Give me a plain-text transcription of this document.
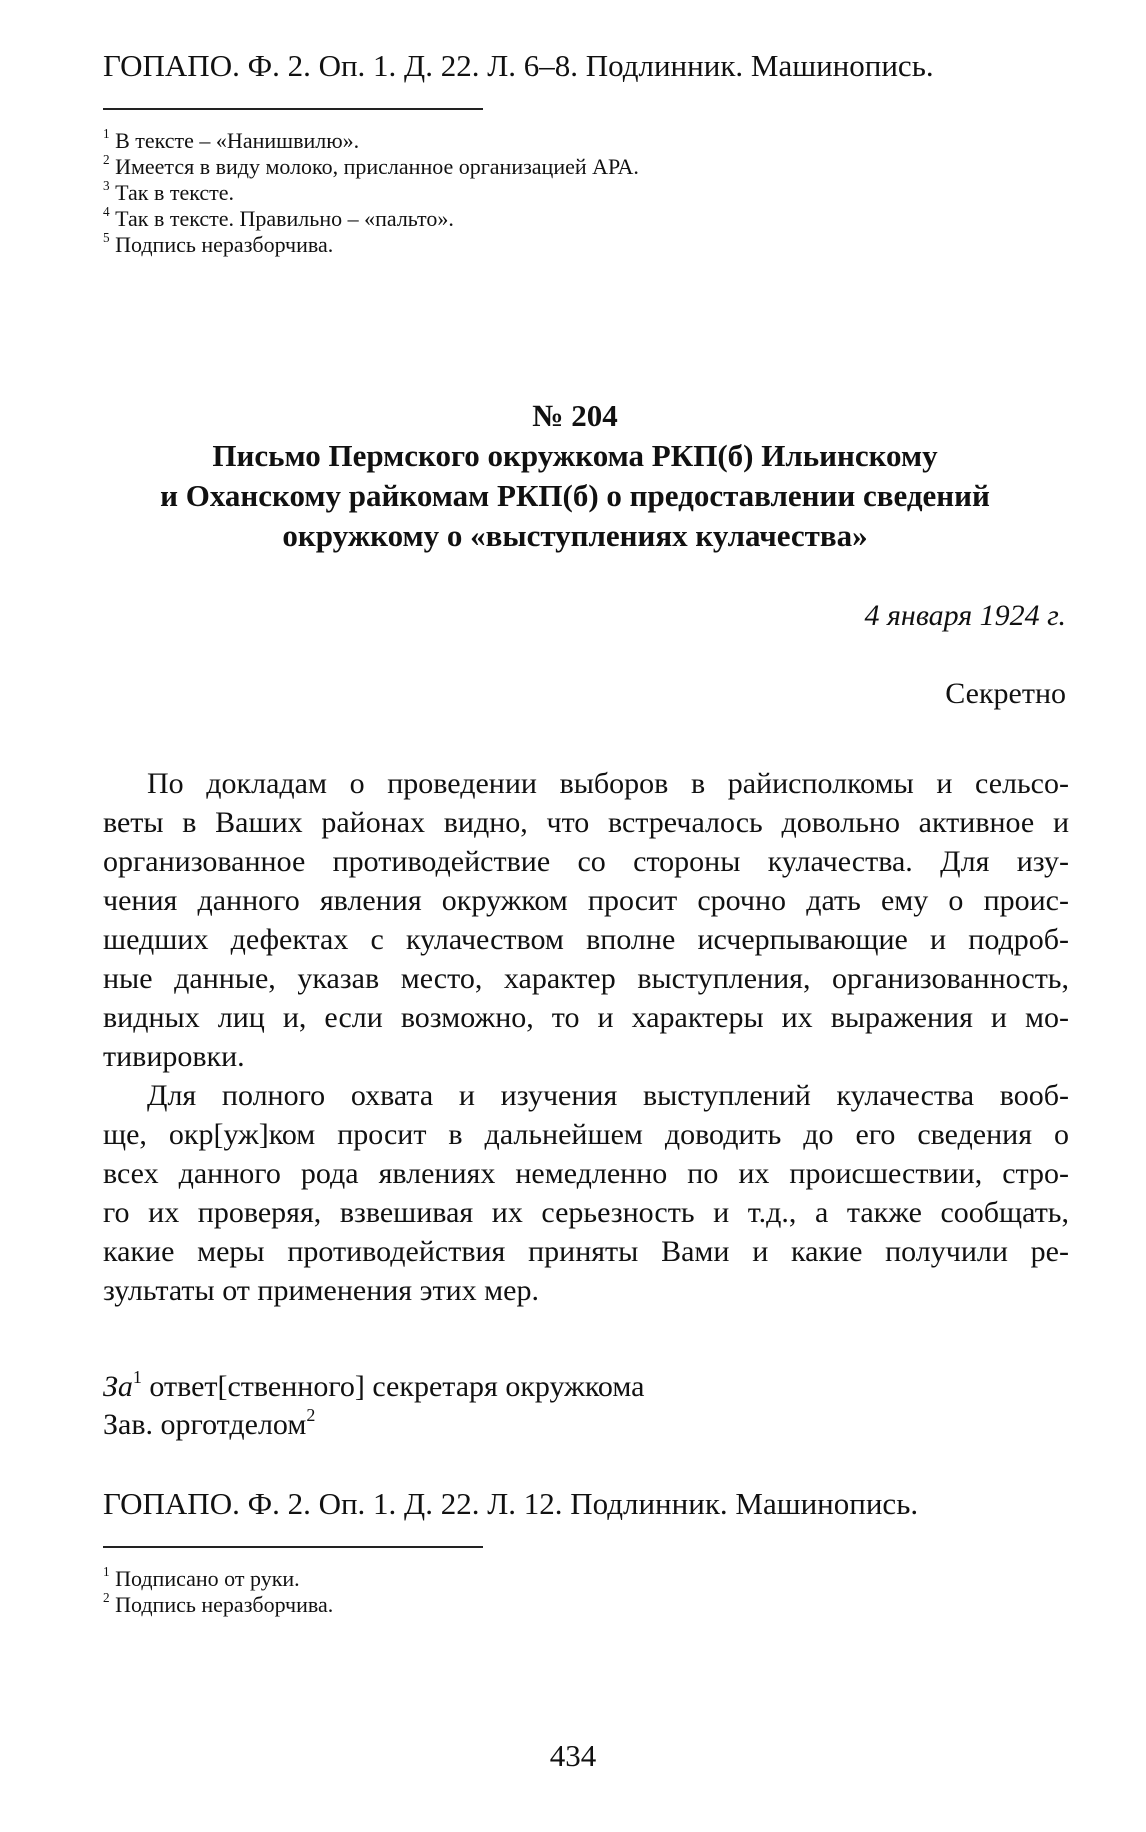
ГОПАПО. Ф. 2. Оп. 1. Д. 22. Л. 6–8. Подлинник. Машинопись.
$^1$ В тексте – «Нанишвилю».
$^2$ Имеется в виду молоко, присланное организацией АРА.
$^3$ Так в тексте.
$^4$ Так в тексте. Правильно – «пальто».
$^5$ Подпись неразборчива.
№ 204
Письмо Пермского окружкома РКП(б) Ильинскому
и Оханскому райкомам РКП(б) о предоставлении сведений
окружкому о «выступлениях кулачества»
4 января 1924 г.
Секретно
По докладам о проведении выборов в райисполкомы и сельсо-
веты в Ваших районах видно, что встречалось довольно активное и
организованное противодействие со стороны кулачества. Для изу-
чения данного явления окружком просит срочно дать ему о проис-
шедших дефектах с кулачеством вполне исчерпывающие и подроб-
ные данные, указав место, характер выступления, организованность,
видных лиц и, если возможно, то и характеры их выражения и мо-
тивировки.
Для полного охвата и изучения выступлений кулачества вооб-
ще, окр[уж]ком просит в дальнейшем доводить до его сведения о
всех данного рода явлениях немедленно по их происшествии, стро-
го их проверяя, взвешивая их серьезность и т.д., а также сообщать,
какие меры противодействия приняты Вами и какие получили ре-
зультаты от применения этих мер.
$За^1$ ответ[ственного] секретаря окружкома
Зав. орготделом$^2$
ГОПАПО. Ф. 2. Оп. 1. Д. 22. Л. 12. Подлинник. Машинопись.
$^1$ Подписано от руки.
$^2$ Подпись неразборчива.
434
